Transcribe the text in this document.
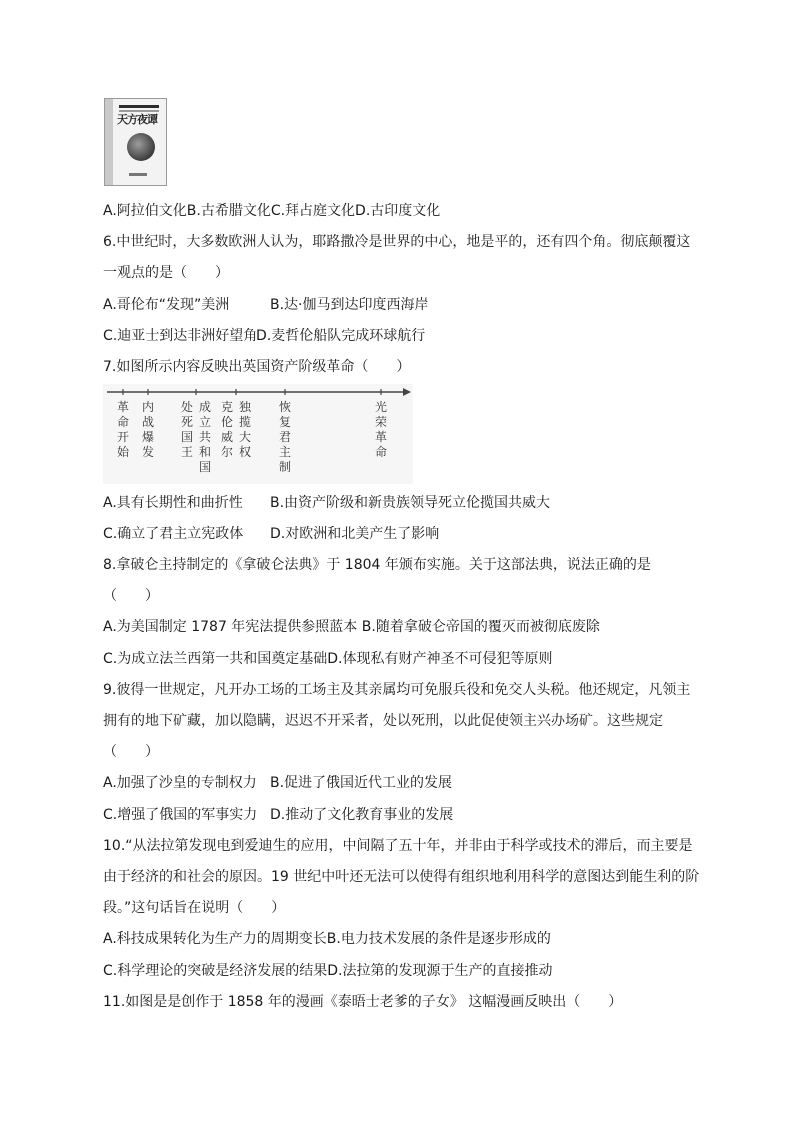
天方夜谭
A.阿拉伯文化B.古希腊文化C.拜占庭文化D.古印度文化
6.中世纪时，大多数欧洲人认为，耶路撒冷是世界的中心，地是平的，还有四个角。彻底颠覆这
一观点的是（　　）
A.哥伦布“发现”美洲	B.达·伽马到达印度西海岸
C.迪亚士到达非洲好望角
D.麦哲伦船队完成环球航行
7.如图所示内容反映出英国资产阶级革命（　　）
革
命
开
始
内
战
爆
发
处
死
国
王
成
立
共
和
国
克
伦
威
尔
独
揽
大
权
恢
复
君
主
制
光
荣
革
命
A.具有长期性和曲折性 B.由资产阶级和新贵族领导死立伦揽国共威大
C.确立了君主立宪政体 D.对欧洲和北美产生了影响
8.拿破仑主持制定的《拿破仑法典》于 1804 年颁布实施。关于这部法典，说法正确的是
（　　）
A.为美国制定 1787 年宪法提供参照蓝本 B.随着拿破仑帝国的覆灭而被彻底废除
C.为成立法兰西第一共和国奠定基础D.体现私有财产神圣不可侵犯等原则
9.彼得一世规定，凡开办工场的工场主及其亲属均可免服兵役和免交人头税。他还规定，凡领主
拥有的地下矿藏，加以隐瞒，迟迟不开采者，处以死刑，以此促使领主兴办场矿。这些规定
（　　）
A.加强了沙皇的专制权力 B.促进了俄国近代工业的发展
C.增强了俄国的军事实力 D.推动了文化教育事业的发展
10.“从法拉第发现电到爱迪生的应用，中间隔了五十年，并非由于科学或技术的滞后，而主要是
由于经济的和社会的原因。19 世纪中叶还无法可以使得有组织地利用科学的意图达到能生利的阶
段。”这句话旨在说明（　　）
A.科技成果转化为生产力的周期变长B.电力技术发展的条件是逐步形成的
C.科学理论的突破是经济发展的结果D.法拉第的发现源于生产的直接推动
11.如图是是创作于 1858 年的漫画《泰晤士老爹的子女》 这幅漫画反映出（　　）
